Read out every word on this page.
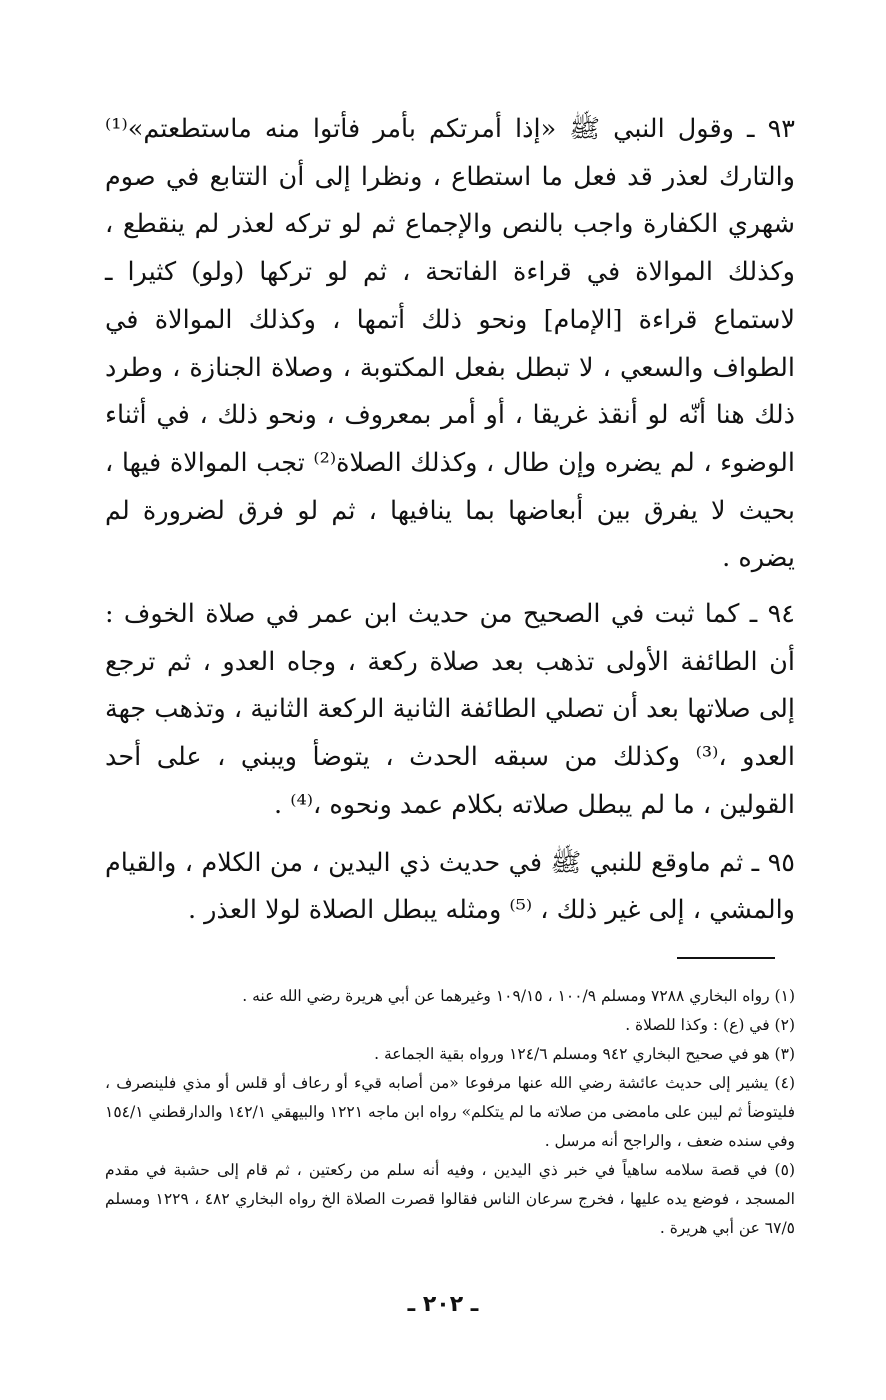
٩٣ ـ وقول النبي ﷺ «إذا أمرتكم بأمر فأتوا منه ماستطعتم»⁽¹⁾ والتارك لعذر قد فعل ما استطاع ، ونظرا إلى أن التتابع في صوم شهري الكفارة واجب بالنص والإجماع ثم لو تركه لعذر لم ينقطع ، وكذلك الموالاة في قراءة الفاتحة ، ثم لو تركها (ولو) كثيرا ـ لاستماع قراءة [الإمام] ونحو ذلك أتمها ، وكذلك الموالاة في الطواف والسعي ، لا تبطل بفعل المكتوبة ، وصلاة الجنازة ، وطرد ذلك هنا أنّه لو أنقذ غريقا ، أو أمر بمعروف ، ونحو ذلك ، في أثناء الوضوء ، لم يضره وإن طال ، وكذلك الصلاة⁽²⁾ تجب الموالاة فيها ، بحيث لا يفرق بين أبعاضها بما ينافيها ، ثم لو فرق لضرورة لم يضره .

٩٤ ـ كما ثبت في الصحيح من حديث ابن عمر في صلاة الخوف : أن الطائفة الأولى تذهب بعد صلاة ركعة ، وجاه العدو ، ثم ترجع إلى صلاتها بعد أن تصلي الطائفة الثانية الركعة الثانية ، وتذهب جهة العدو ،⁽³⁾ وكذلك من سبقه الحدث ، يتوضأ ويبني ، على أحد القولين ، ما لم يبطل صلاته بكلام عمد ونحوه ،⁽⁴⁾ .

٩٥ ـ ثم ماوقع للنبي ﷺ في حديث ذي اليدين ، من الكلام ، والقيام والمشي ، إلى غير ذلك ، ⁽⁵⁾ ومثله يبطل الصلاة لولا العذر .

(١) رواه البخاري ٧٢٨٨ ومسلم ١٠٠/٩ ، ١٠٩/١٥ وغيرهما عن أبي هريرة رضي الله عنه .

(٢) في (ع) : وكذا للصلاة .

(٣) هو في صحيح البخاري ٩٤٢ ومسلم ١٢٤/٦ ورواه بقية الجماعة .

(٤) يشير إلى حديث عائشة رضي الله عنها مرفوعا «من أصابه قيء أو رعاف أو قلس أو مذي فلينصرف ، فليتوضأ ثم ليبن على مامضى من صلاته ما لم يتكلم» رواه ابن ماجه ١٢٢١ والبيهقي ١٤٢/١ والدارقطني ١٥٤/١ وفي سنده ضعف ، والراجح أنه مرسل .

(٥) في قصة سلامه ساهياً في خبر ذي اليدين ، وفيه أنه سلم من ركعتين ، ثم قام إلى حشبة في مقدم المسجد ، فوضع يده عليها ، فخرج سرعان الناس فقالوا قصرت الصلاة الخ رواه البخاري ٤٨٢ ، ١٢٢٩ ومسلم ٦٧/٥ عن أبي هريرة .

ـ ٢٠٢ ـ
